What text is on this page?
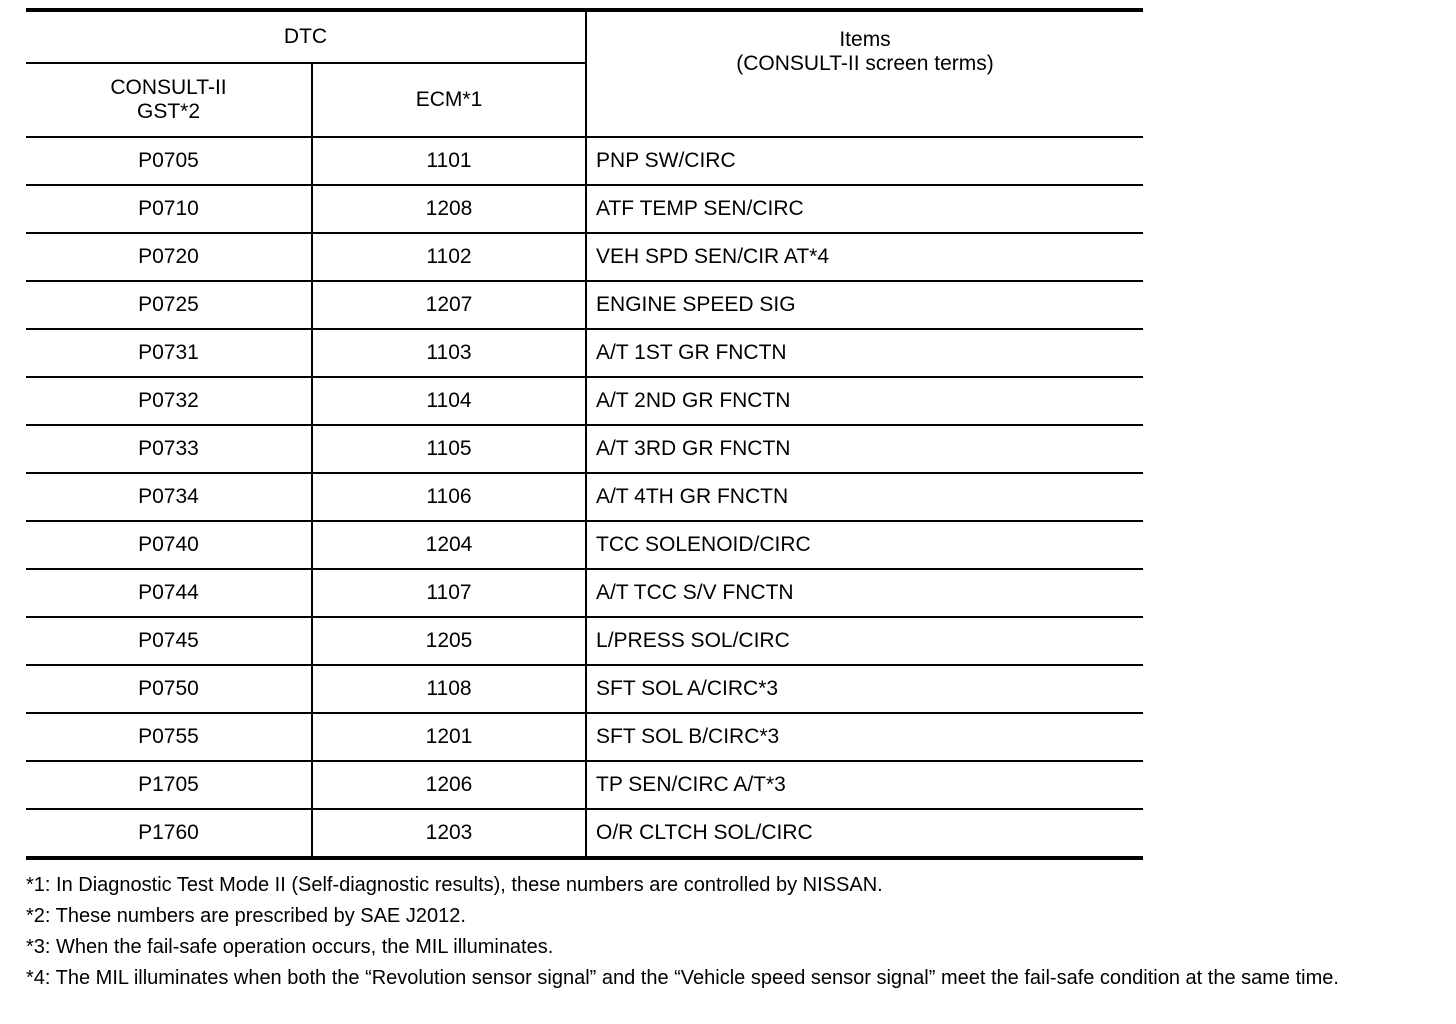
DTC		Items
(CONSULT-II screen terms)

CONSULT-II
GST*2	ECM*1	
P0705	1101	PNP SW/CIRC
P0710	1208	ATF TEMP SEN/CIRC
P0720	1102	VEH SPD SEN/CIR AT*4
P0725	1207	ENGINE SPEED SIG
P0731	1103	A/T 1ST GR FNCTN
P0732	1104	A/T 2ND GR FNCTN
P0733	1105	A/T 3RD GR FNCTN
P0734	1106	A/T 4TH GR FNCTN
P0740	1204	TCC SOLENOID/CIRC
P0744	1107	A/T TCC S/V FNCTN
P0745	1205	L/PRESS SOL/CIRC
P0750	1108	SFT SOL A/CIRC*3
P0755	1201	SFT SOL B/CIRC*3
P1705	1206	TP SEN/CIRC A/T*3
P1760	1203	O/R CLTCH SOL/CIRC

*1: In Diagnostic Test Mode II (Self-diagnostic results), these numbers are controlled by NISSAN.

*2: These numbers are prescribed by SAE J2012.

*3: When the fail-safe operation occurs, the MIL illuminates.

*4: The MIL illuminates when both the “Revolution sensor signal” and the “Vehicle speed sensor signal” meet the fail-safe condition at the same time.
